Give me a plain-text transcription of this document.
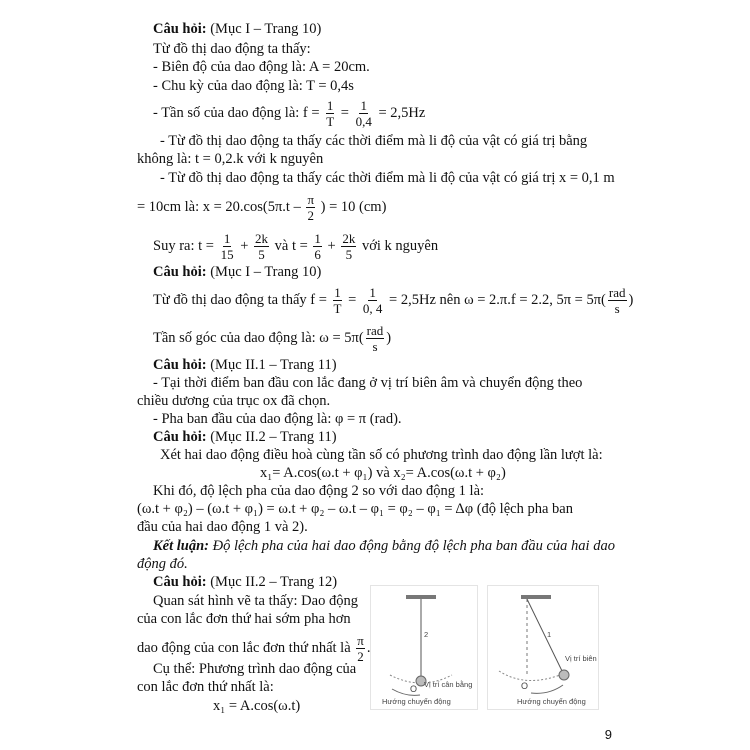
Câu hỏi: (Mục I – Trang 10)
Từ đồ thị dao động ta thấy:
- Biên độ của dao động là: A = 20cm.
- Chu kỳ của dao động là: T = 0,4s
- Tần số của dao động là: $f = \frac{1}{T} = \frac{1}{0,4} = 2,5Hz$
- Từ đồ thị dao động ta thấy các thời điểm mà li độ của vật có giá trị bằng
không là: t = 0,2.k với k nguyên
- Từ đồ thị dao động ta thấy các thời điểm mà li độ của vật có giá trị x = 0,1 m
= 10cm là: $x = 20.\cos(5\pi.t - \frac{\pi}{2}$ ) = 10 (cm)
Suy ra: $t = \frac{1}{15} + \frac{2k}{5}$ và $t = \frac{1}{6} + \frac{2k}{5}$ với k nguyên
Câu hỏi: (Mục I – Trang 10)
Từ đồ thị dao động ta thấy $f = \frac{1}{T} = \frac{1}{0, 4} = 2,5Hz$ nên ω = 2.π.f = 2.2, $5\pi = 5\pi( \frac{\text{rad}}{s}$ )
Tần số góc của dao động là: $\omega = 5\pi( \frac{\text{rad}}{s}$ )
Câu hỏi: (Mục II.1 – Trang 11)
- Tại thời điểm ban đầu con lắc đang ở vị trí biên âm và chuyển động theo
chiều dương của trục ox đã chọn.
- Pha ban đầu của dao động là: φ = π (rad).
Câu hỏi: (Mục II.2 – Trang 11)
Xét hai dao động điều hoà cùng tần số có phương trình dao động lần lượt là:
x₁= A.cos(ω.t + φ₁) và x₂= A.cos(ω.t + φ₂)
Khi đó, độ lệch pha của dao động 2 so với dao động 1 là:
(ω.t + φ₂) – (ω.t + φ₁) = ω.t + φ₂ – ω.t – φ₁ = φ₂ – φ₁ = Δφ (độ lệch pha ban
đầu của hai dao động 1 và 2).
Kết luận: Độ lệch pha của hai dao động bằng độ lệch pha ban đầu của hai dao
động đó.
Câu hỏi: (Mục II.2 – Trang 12)
Quan sát hình vẽ ta thấy: Dao động
của con lắc đơn thứ hai sớm pha hơn
dao động của con lắc đơn thứ nhất là $\frac{\pi}{2}$ .
Cụ thể: Phương trình dao động của
con lắc đơn thứ nhất là:
x₁ = A.cos(ω.t)
2
Vị trí cân bằng
O
Hướng chuyển động
1
Vị trí biên
O
Hướng chuyển động
9
